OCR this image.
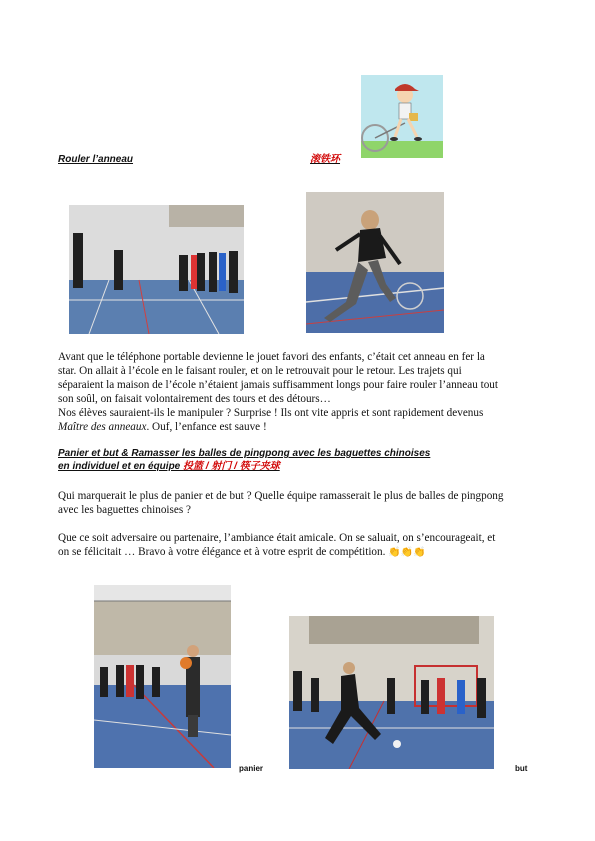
Rouler l’anneau	滚铁环
Avant que le téléphone portable devienne le jouet favori des enfants, c’était cet anneau en fer la
star. On allait à l’école en le faisant rouler, et on le retrouvait pour le retour. Les trajets qui
séparaient la maison de l’école n’étaient jamais suffisamment longs pour faire rouler l’anneau tout
son soûl, on faisait volontairement des tours et des détours…
Nos élèves sauraient-ils le manipuler ? Surprise ! Ils ont vite appris et sont rapidement devenus
Maître des anneaux. Ouf, l’enfance est sauve !
Panier et but & Ramasser les balles de pingpong avec les baguettes chinoises
en individuel et en équipe 投篮 / 射门 / 筷子夹球
Qui marquerait le plus de panier et de but ? Quelle équipe ramasserait le plus de balles de pingpong
avec les baguettes chinoises ?
Que ce soit adversaire ou partenaire, l’ambiance était amicale. On se saluait, on s’encourageait, et
on se félicitait … Bravo à votre élégance et à votre esprit de compétition. 👏👏👏
panier	but
